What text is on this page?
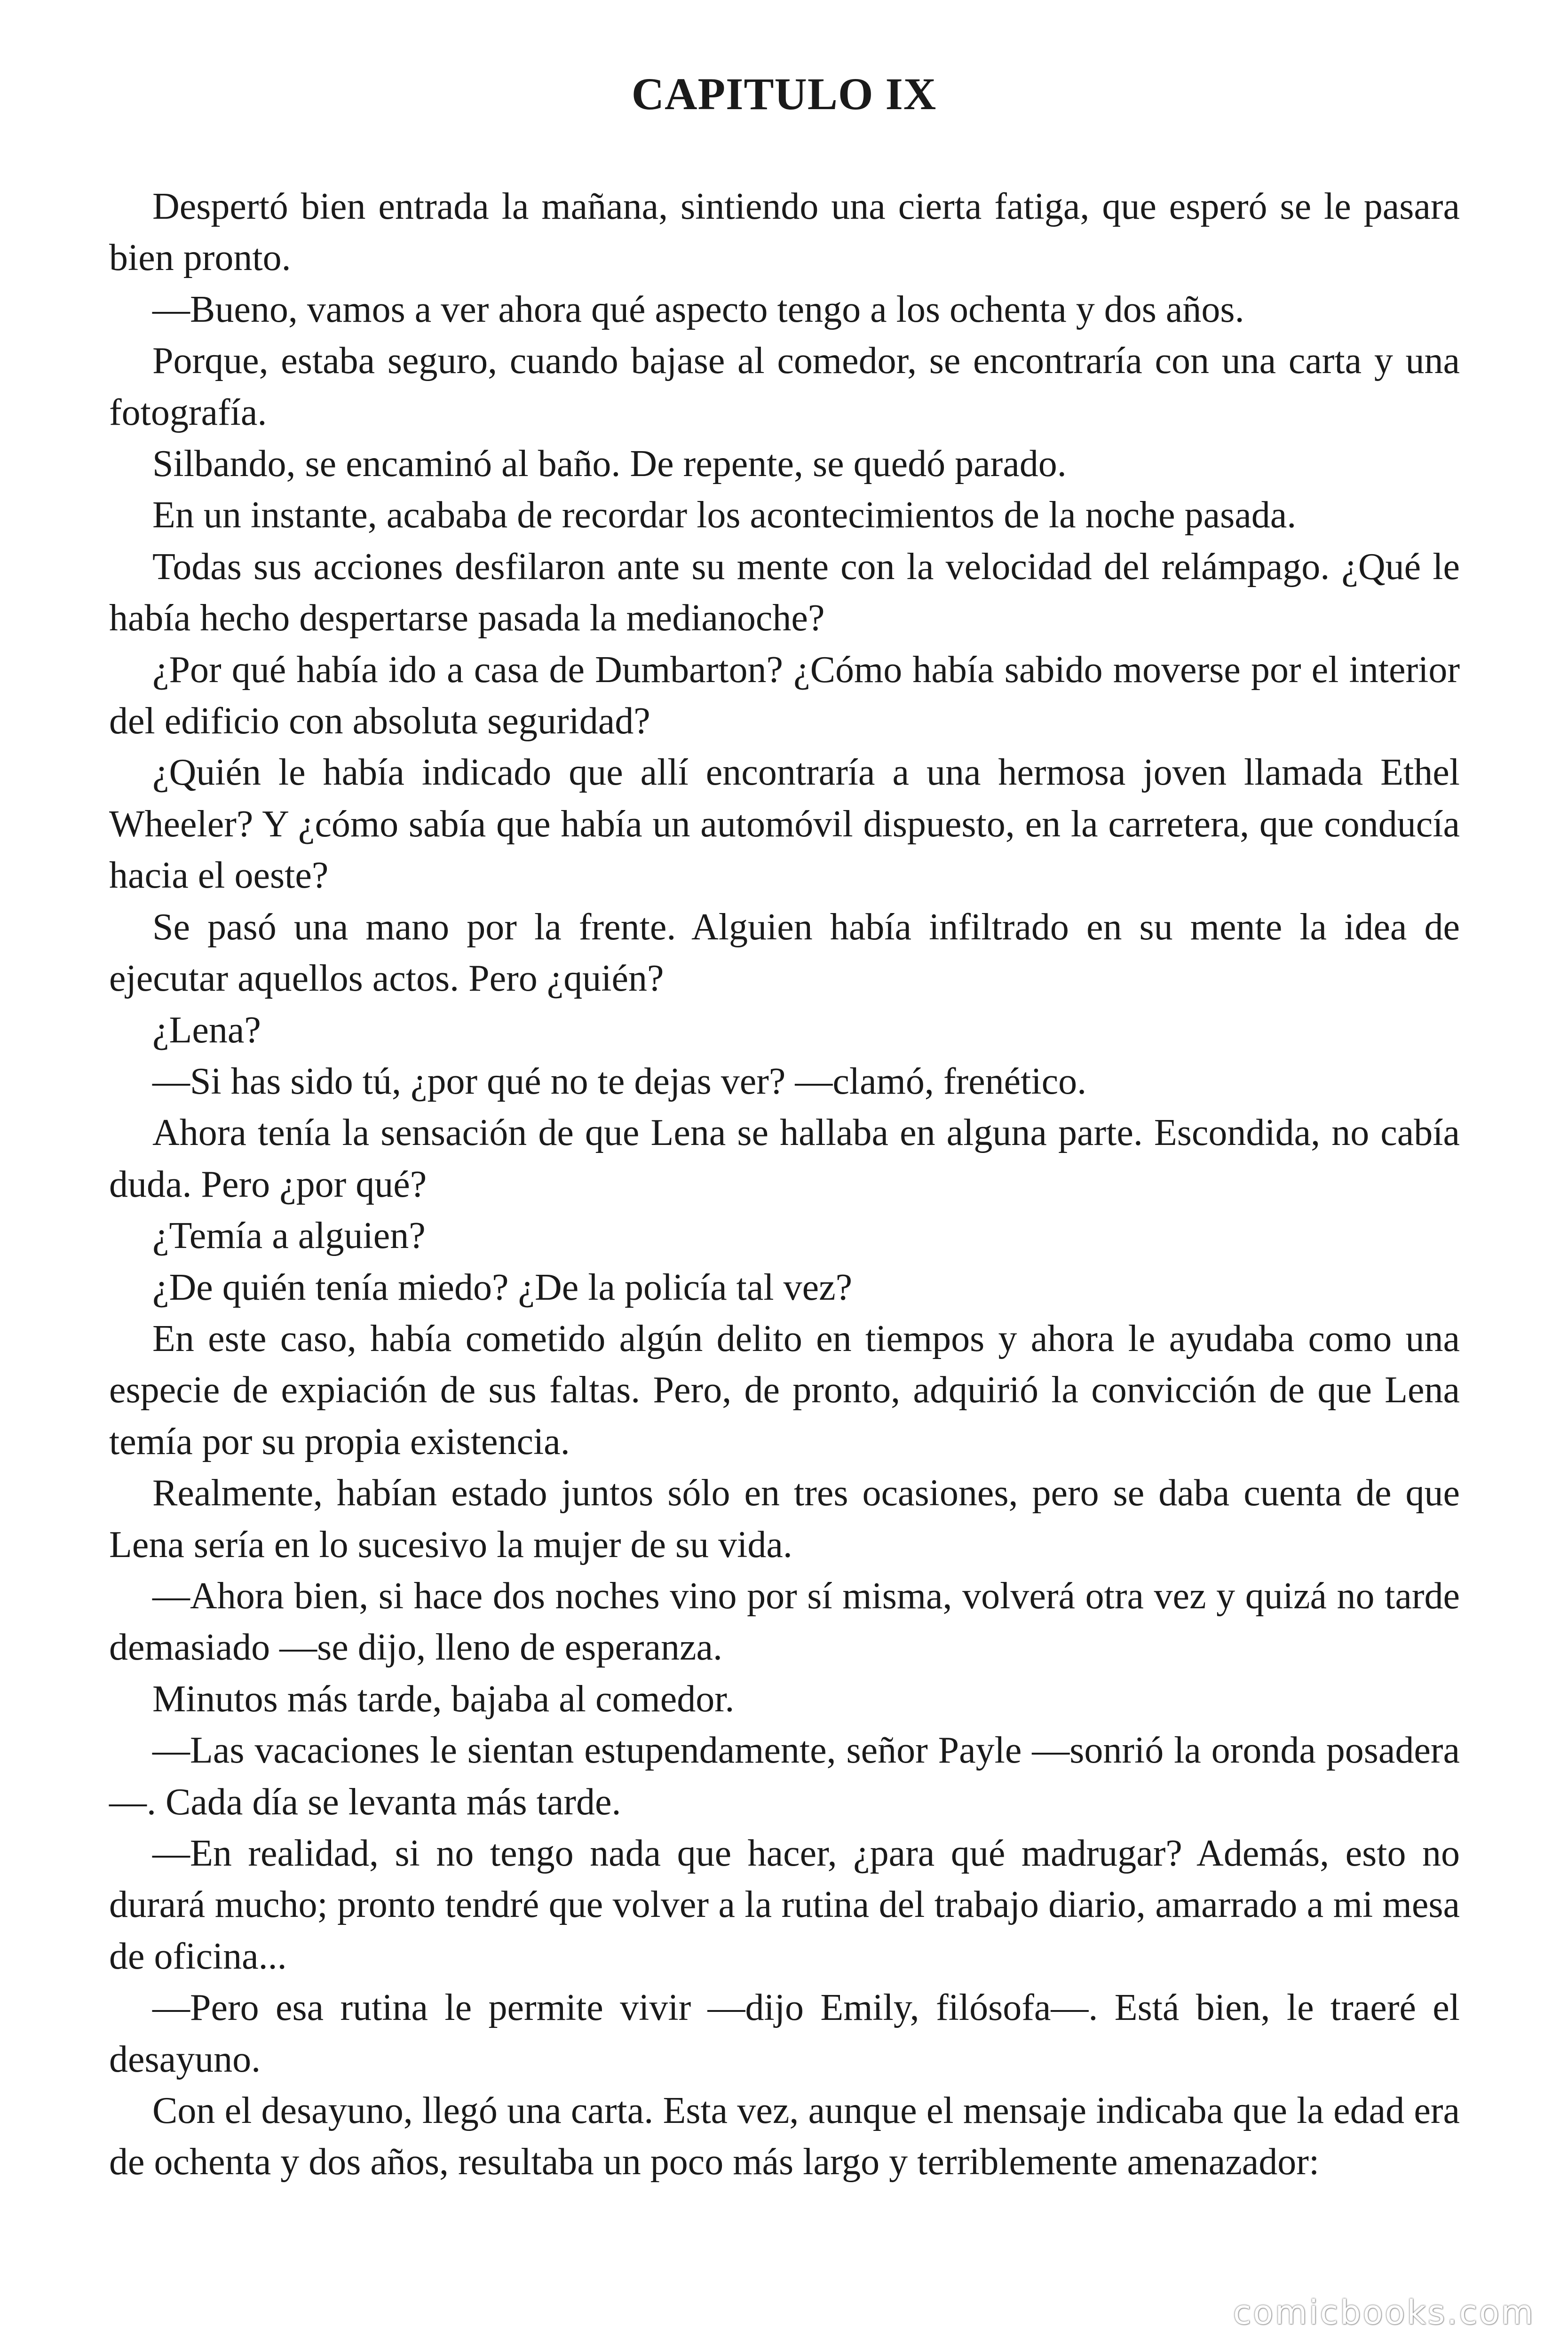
CAPITULO IX

Despertó bien entrada la mañana, sintiendo una cierta fatiga, que esperó se le pasara bien pronto.

—Bueno, vamos a ver ahora qué aspecto tengo a los ochenta y dos años.

Porque, estaba seguro, cuando bajase al comedor, se encontraría con una carta y una fotografía.

Silbando, se encaminó al baño. De repente, se quedó parado.

En un instante, acababa de recordar los acontecimientos de la noche pasada.

Todas sus acciones desfilaron ante su mente con la velocidad del relámpago. ¿Qué le había hecho despertarse pasada la medianoche?

¿Por qué había ido a casa de Dumbarton? ¿Cómo había sabido moverse por el interior del edificio con absoluta seguridad?

¿Quién le había indicado que allí encontraría a una hermosa joven llamada Ethel Wheeler? Y ¿cómo sabía que había un automóvil dispuesto, en la carretera, que conducía hacia el oeste?

Se pasó una mano por la frente. Alguien había infiltrado en su mente la idea de ejecutar aquellos actos. Pero ¿quién?

¿Lena?

—Si has sido tú, ¿por qué no te dejas ver? —clamó, frenético.

Ahora tenía la sensación de que Lena se hallaba en alguna parte. Escondida, no cabía duda. Pero ¿por qué?

¿Temía a alguien?

¿De quién tenía miedo? ¿De la policía tal vez?

En este caso, había cometido algún delito en tiempos y ahora le ayudaba como una especie de expiación de sus faltas. Pero, de pronto, adquirió la convicción de que Lena temía por su propia existencia.

Realmente, habían estado juntos sólo en tres ocasiones, pero se daba cuenta de que Lena sería en lo sucesivo la mujer de su vida.

—Ahora bien, si hace dos noches vino por sí misma, volverá otra vez y quizá no tarde demasiado —se dijo, lleno de esperanza.

Minutos más tarde, bajaba al comedor.

—Las vacaciones le sientan estupendamente, señor Payle —sonrió la oronda posadera—. Cada día se levanta más tarde.

—En realidad, si no tengo nada que hacer, ¿para qué madrugar? Además, esto no durará mucho; pronto tendré que volver a la rutina del trabajo diario, amarrado a mi mesa de oficina...

—Pero esa rutina le permite vivir —dijo Emily, filósofa—. Está bien, le traeré el desayuno.

Con el desayuno, llegó una carta. Esta vez, aunque el mensaje indicaba que la edad era de ochenta y dos años, resultaba un poco más largo y terriblemente amenazador:

comicbooks.com
